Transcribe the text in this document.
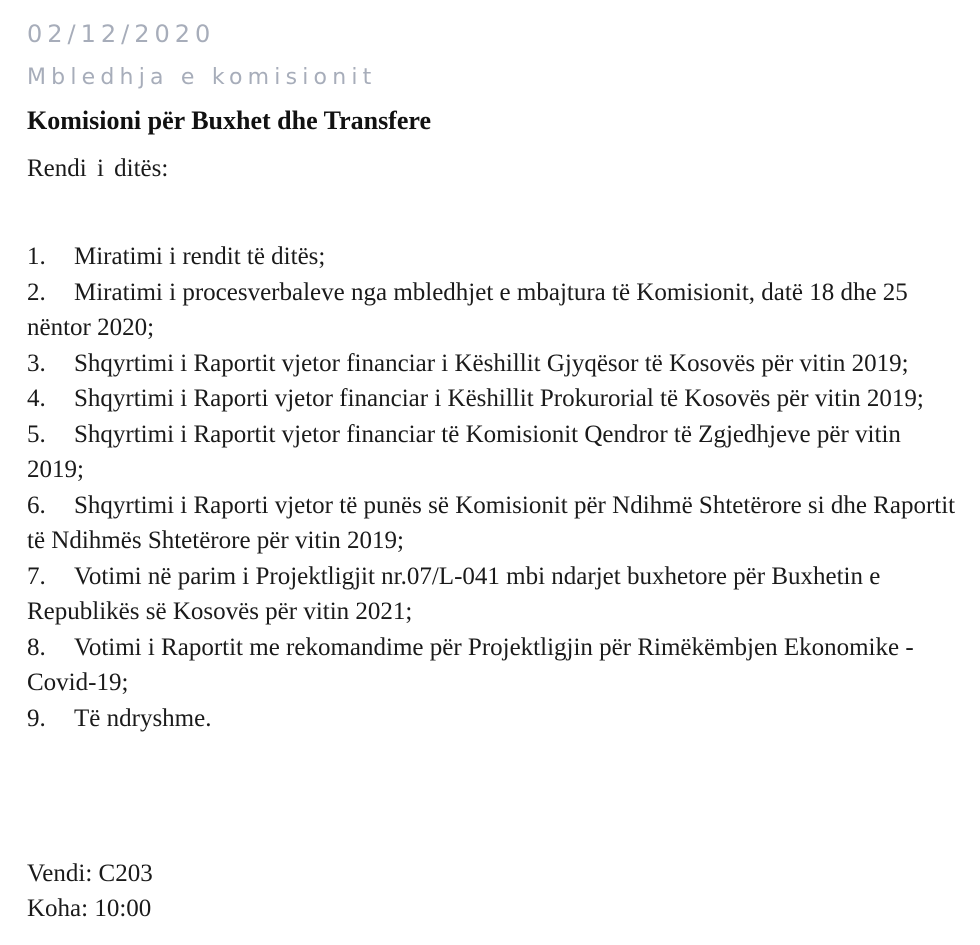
02/12/2020
Mbledhja e komisionit
Komisioni për Buxhet dhe Transfere
Rendi i ditës:
1. Miratimi i rendit të ditës;
2. Miratimi i procesverbaleve nga mbledhjet e mbajtura të Komisionit, datë 18 dhe 25 nëntor 2020;
3. Shqyrtimi i Raportit vjetor financiar i Këshillit Gjyqësor të Kosovës për vitin 2019;
4. Shqyrtimi i Raporti vjetor financiar i Këshillit Prokurorial të Kosovës për vitin 2019;
5. Shqyrtimi i Raportit vjetor financiar të Komisionit Qendror të Zgjedhjeve për vitin 2019;
6. Shqyrtimi i Raporti vjetor të punës së Komisionit për Ndihmë Shtetërore si dhe Raportit të Ndihmës Shtetërore për vitin 2019;
7. Votimi në parim i Projektligjit nr.07/L-041 mbi ndarjet buxhetore për Buxhetin e Republikës së Kosovës për vitin 2021;
8. Votimi i Raportit me rekomandime për Projektligjin për Rimëkëmbjen Ekonomike - Covid-19;
9. Të ndryshme.
Vendi: C203
Koha: 10:00
